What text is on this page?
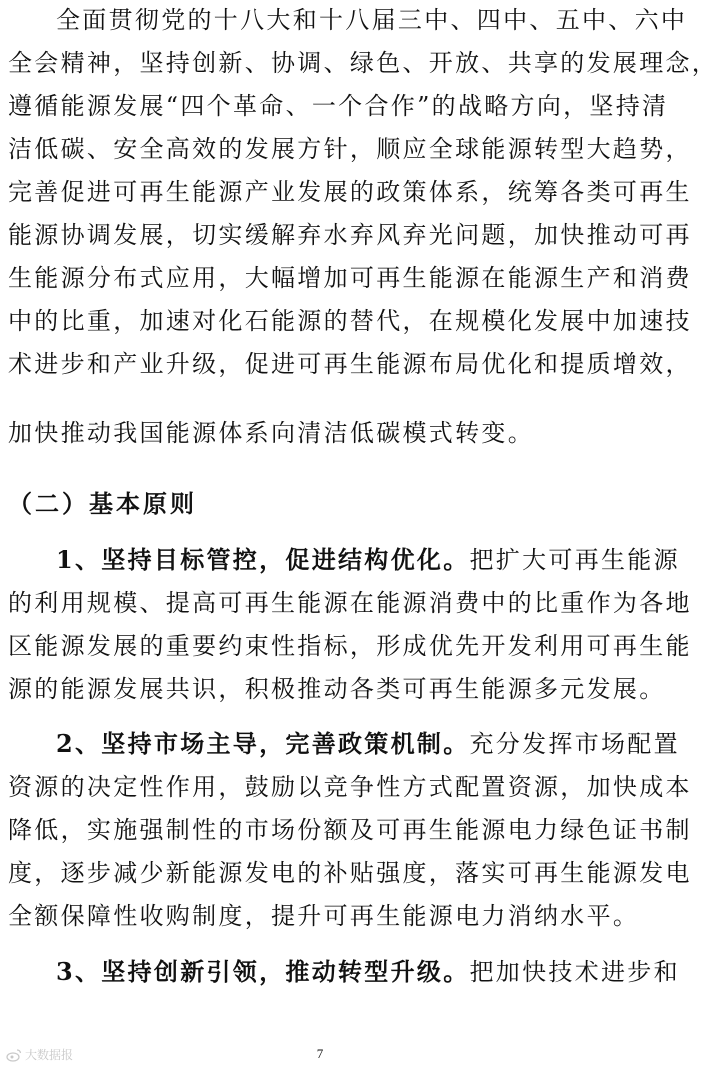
全面贯彻党的十八大和十八届三中、四中、五中、六中
全会精神，坚持创新、协调、绿色、开放、共享的发展理念，
遵循能源发展“四个革命、一个合作”的战略方向，坚持清
洁低碳、安全高效的发展方针，顺应全球能源转型大趋势，
完善促进可再生能源产业发展的政策体系，统筹各类可再生
能源协调发展，切实缓解弃水弃风弃光问题，加快推动可再
生能源分布式应用，大幅增加可再生能源在能源生产和消费
中的比重，加速对化石能源的替代，在规模化发展中加速技
术进步和产业升级，促进可再生能源布局优化和提质增效，
加快推动我国能源体系向清洁低碳模式转变。
（二）基本原则
1、坚持目标管控，促进结构优化。把扩大可再生能源
的利用规模、提高可再生能源在能源消费中的比重作为各地
区能源发展的重要约束性指标，形成优先开发利用可再生能
源的能源发展共识，积极推动各类可再生能源多元发展。
2、坚持市场主导，完善政策机制。充分发挥市场配置
资源的决定性作用，鼓励以竞争性方式配置资源，加快成本
降低，实施强制性的市场份额及可再生能源电力绿色证书制
度，逐步减少新能源发电的补贴强度，落实可再生能源发电
全额保障性收购制度，提升可再生能源电力消纳水平。
3、坚持创新引领，推动转型升级。把加快技术进步和
大数据报	7
